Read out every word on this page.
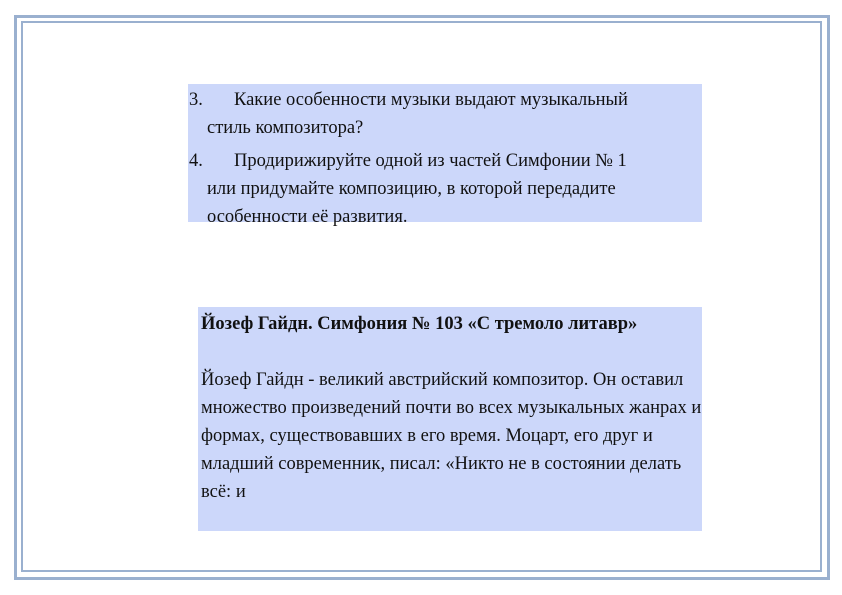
3. Какие особенности музыки выдают музыкальный
стиль композитора?
4. Продирижируйте одной из частей Симфонии № 1
или придумайте композицию, в которой передадите особенности её развития.
Йозеф Гайдн. Симфония № 103 «С тремоло литавр»

Йозеф Гайдн - великий австрийский композитор. Он оставил множество произведений почти во всех музыкальных жанрах и формах, существовавших в его время. Моцарт, его друг и младший современник, писал: «Никто не в состоянии делать всё: и
